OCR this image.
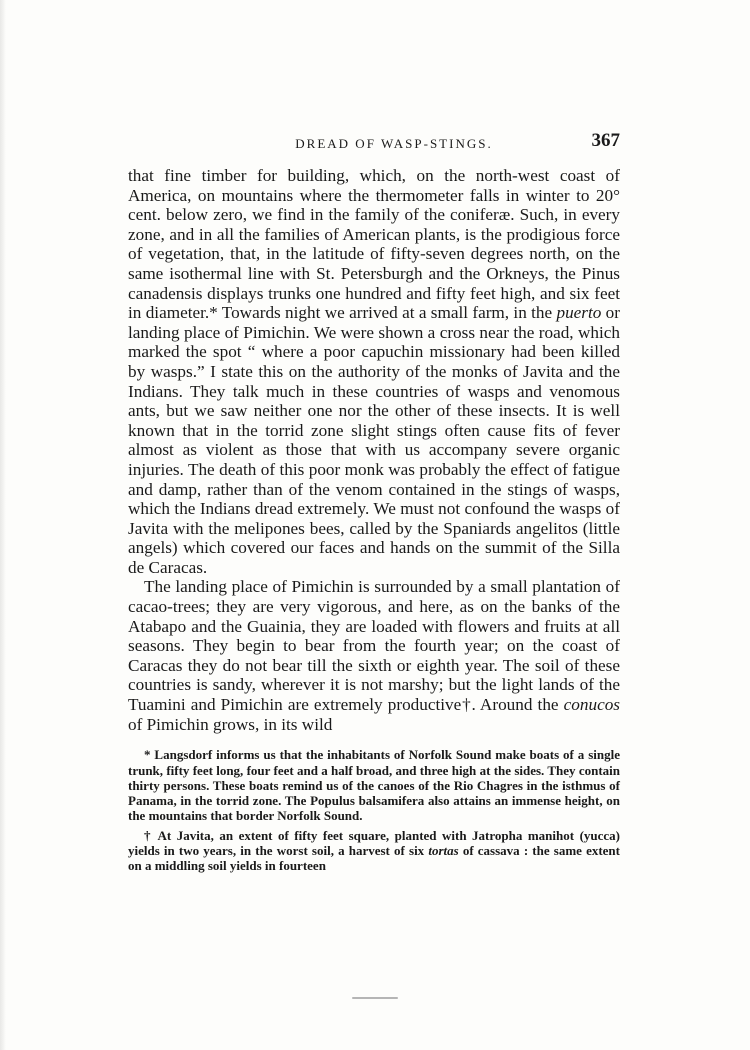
DREAD OF WASP-STINGS.	367

that fine timber for building, which, on the north-west coast of America, on mountains where the thermometer falls in winter to 20° cent. below zero, we find in the family of the coniferæ. Such, in every zone, and in all the families of American plants, is the prodigious force of vegetation, that, in the latitude of fifty-seven degrees north, on the same isothermal line with St. Petersburgh and the Orkneys, the Pinus canadensis displays trunks one hundred and fifty feet high, and six feet in diameter.* Towards night we arrived at a small farm, in the puerto or landing place of Pimichin. We were shown a cross near the road, which marked the spot “ where a poor capuchin missionary had been killed by wasps.” I state this on the authority of the monks of Javita and the Indians. They talk much in these countries of wasps and venomous ants, but we saw neither one nor the other of these insects. It is well known that in the torrid zone slight stings often cause fits of fever almost as violent as those that with us accompany severe organic injuries. The death of this poor monk was probably the effect of fatigue and damp, rather than of the venom contained in the stings of wasps, which the Indians dread extremely. We must not confound the wasps of Javita with the melipones bees, called by the Spaniards angelitos (little angels) which covered our faces and hands on the summit of the Silla de Caracas.

The landing place of Pimichin is surrounded by a small plantation of cacao-trees; they are very vigorous, and here, as on the banks of the Atabapo and the Guainia, they are loaded with flowers and fruits at all seasons. They begin to bear from the fourth year; on the coast of Caracas they do not bear till the sixth or eighth year. The soil of these countries is sandy, wherever it is not marshy; but the light lands of the Tuamini and Pimichin are extremely productive†. Around the conucos of Pimichin grows, in its wild

* Langsdorf informs us that the inhabitants of Norfolk Sound make boats of a single trunk, fifty feet long, four feet and a half broad, and three high at the sides. They contain thirty persons. These boats remind us of the canoes of the Rio Chagres in the isthmus of Panama, in the torrid zone. The Populus balsamifera also attains an immense height, on the mountains that border Norfolk Sound.

† At Javita, an extent of fifty feet square, planted with Jatropha manihot (yucca) yields in two years, in the worst soil, a harvest of six tortas of cassava : the same extent on a middling soil yields in fourteen
